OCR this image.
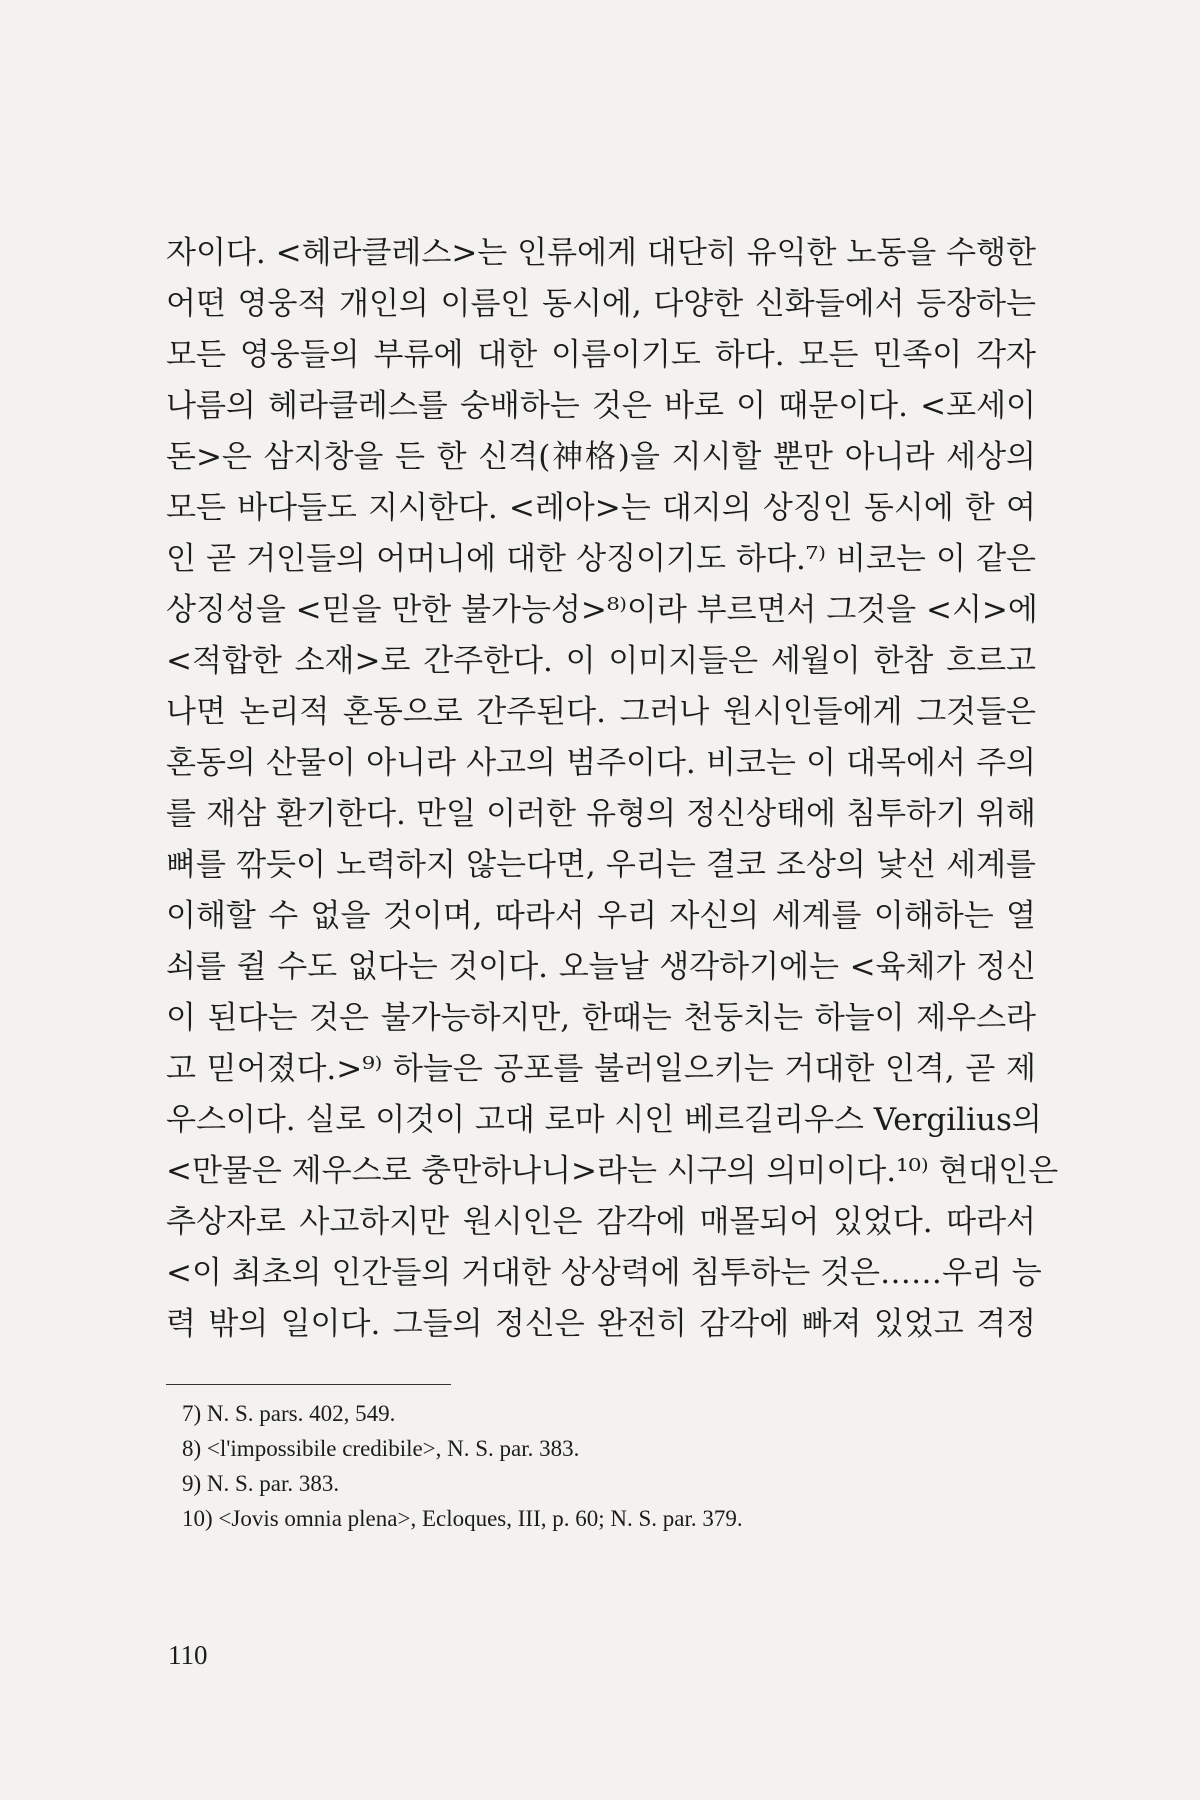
자이다. <헤라클레스>는 인류에게 대단히 유익한 노동을 수행한
어떤 영웅적 개인의 이름인 동시에, 다양한 신화들에서 등장하는
모든 영웅들의 부류에 대한 이름이기도 하다. 모든 민족이 각자
나름의 헤라클레스를 숭배하는 것은 바로 이 때문이다. <포세이
돈>은 삼지창을 든 한 신격(神格)을 지시할 뿐만 아니라 세상의
모든 바다들도 지시한다. <레아>는 대지의 상징인 동시에 한 여
인 곧 거인들의 어머니에 대한 상징이기도 하다.⁷⁾ 비코는 이 같은
상징성을 <믿을 만한 불가능성>⁸⁾이라 부르면서 그것을 <시>에
<적합한 소재>로 간주한다. 이 이미지들은 세월이 한참 흐르고
나면 논리적 혼동으로 간주된다. 그러나 원시인들에게 그것들은
혼동의 산물이 아니라 사고의 범주이다. 비코는 이 대목에서 주의
를 재삼 환기한다. 만일 이러한 유형의 정신상태에 침투하기 위해
뼈를 깎듯이 노력하지 않는다면, 우리는 결코 조상의 낯선 세계를
이해할 수 없을 것이며, 따라서 우리 자신의 세계를 이해하는 열
쇠를 쥘 수도 없다는 것이다. 오늘날 생각하기에는 <육체가 정신
이 된다는 것은 불가능하지만, 한때는 천둥치는 하늘이 제우스라
고 믿어졌다.>⁹⁾ 하늘은 공포를 불러일으키는 거대한 인격, 곧 제
우스이다. 실로 이것이 고대 로마 시인 베르길리우스 Vergilius의
<만물은 제우스로 충만하나니>라는 시구의 의미이다.¹⁰⁾ 현대인은
추상자로 사고하지만 원시인은 감각에 매몰되어 있었다. 따라서
<이 최초의 인간들의 거대한 상상력에 침투하는 것은……우리 능
력 밖의 일이다. 그들의 정신은 완전히 감각에 빠져 있었고 격정
7) N. S. pars. 402, 549.
8) <l'impossibile credibile>, N. S. par. 383.
9) N. S. par. 383.
10) <Jovis omnia plena>, Ecloques, III, p. 60; N. S. par. 379.
110
